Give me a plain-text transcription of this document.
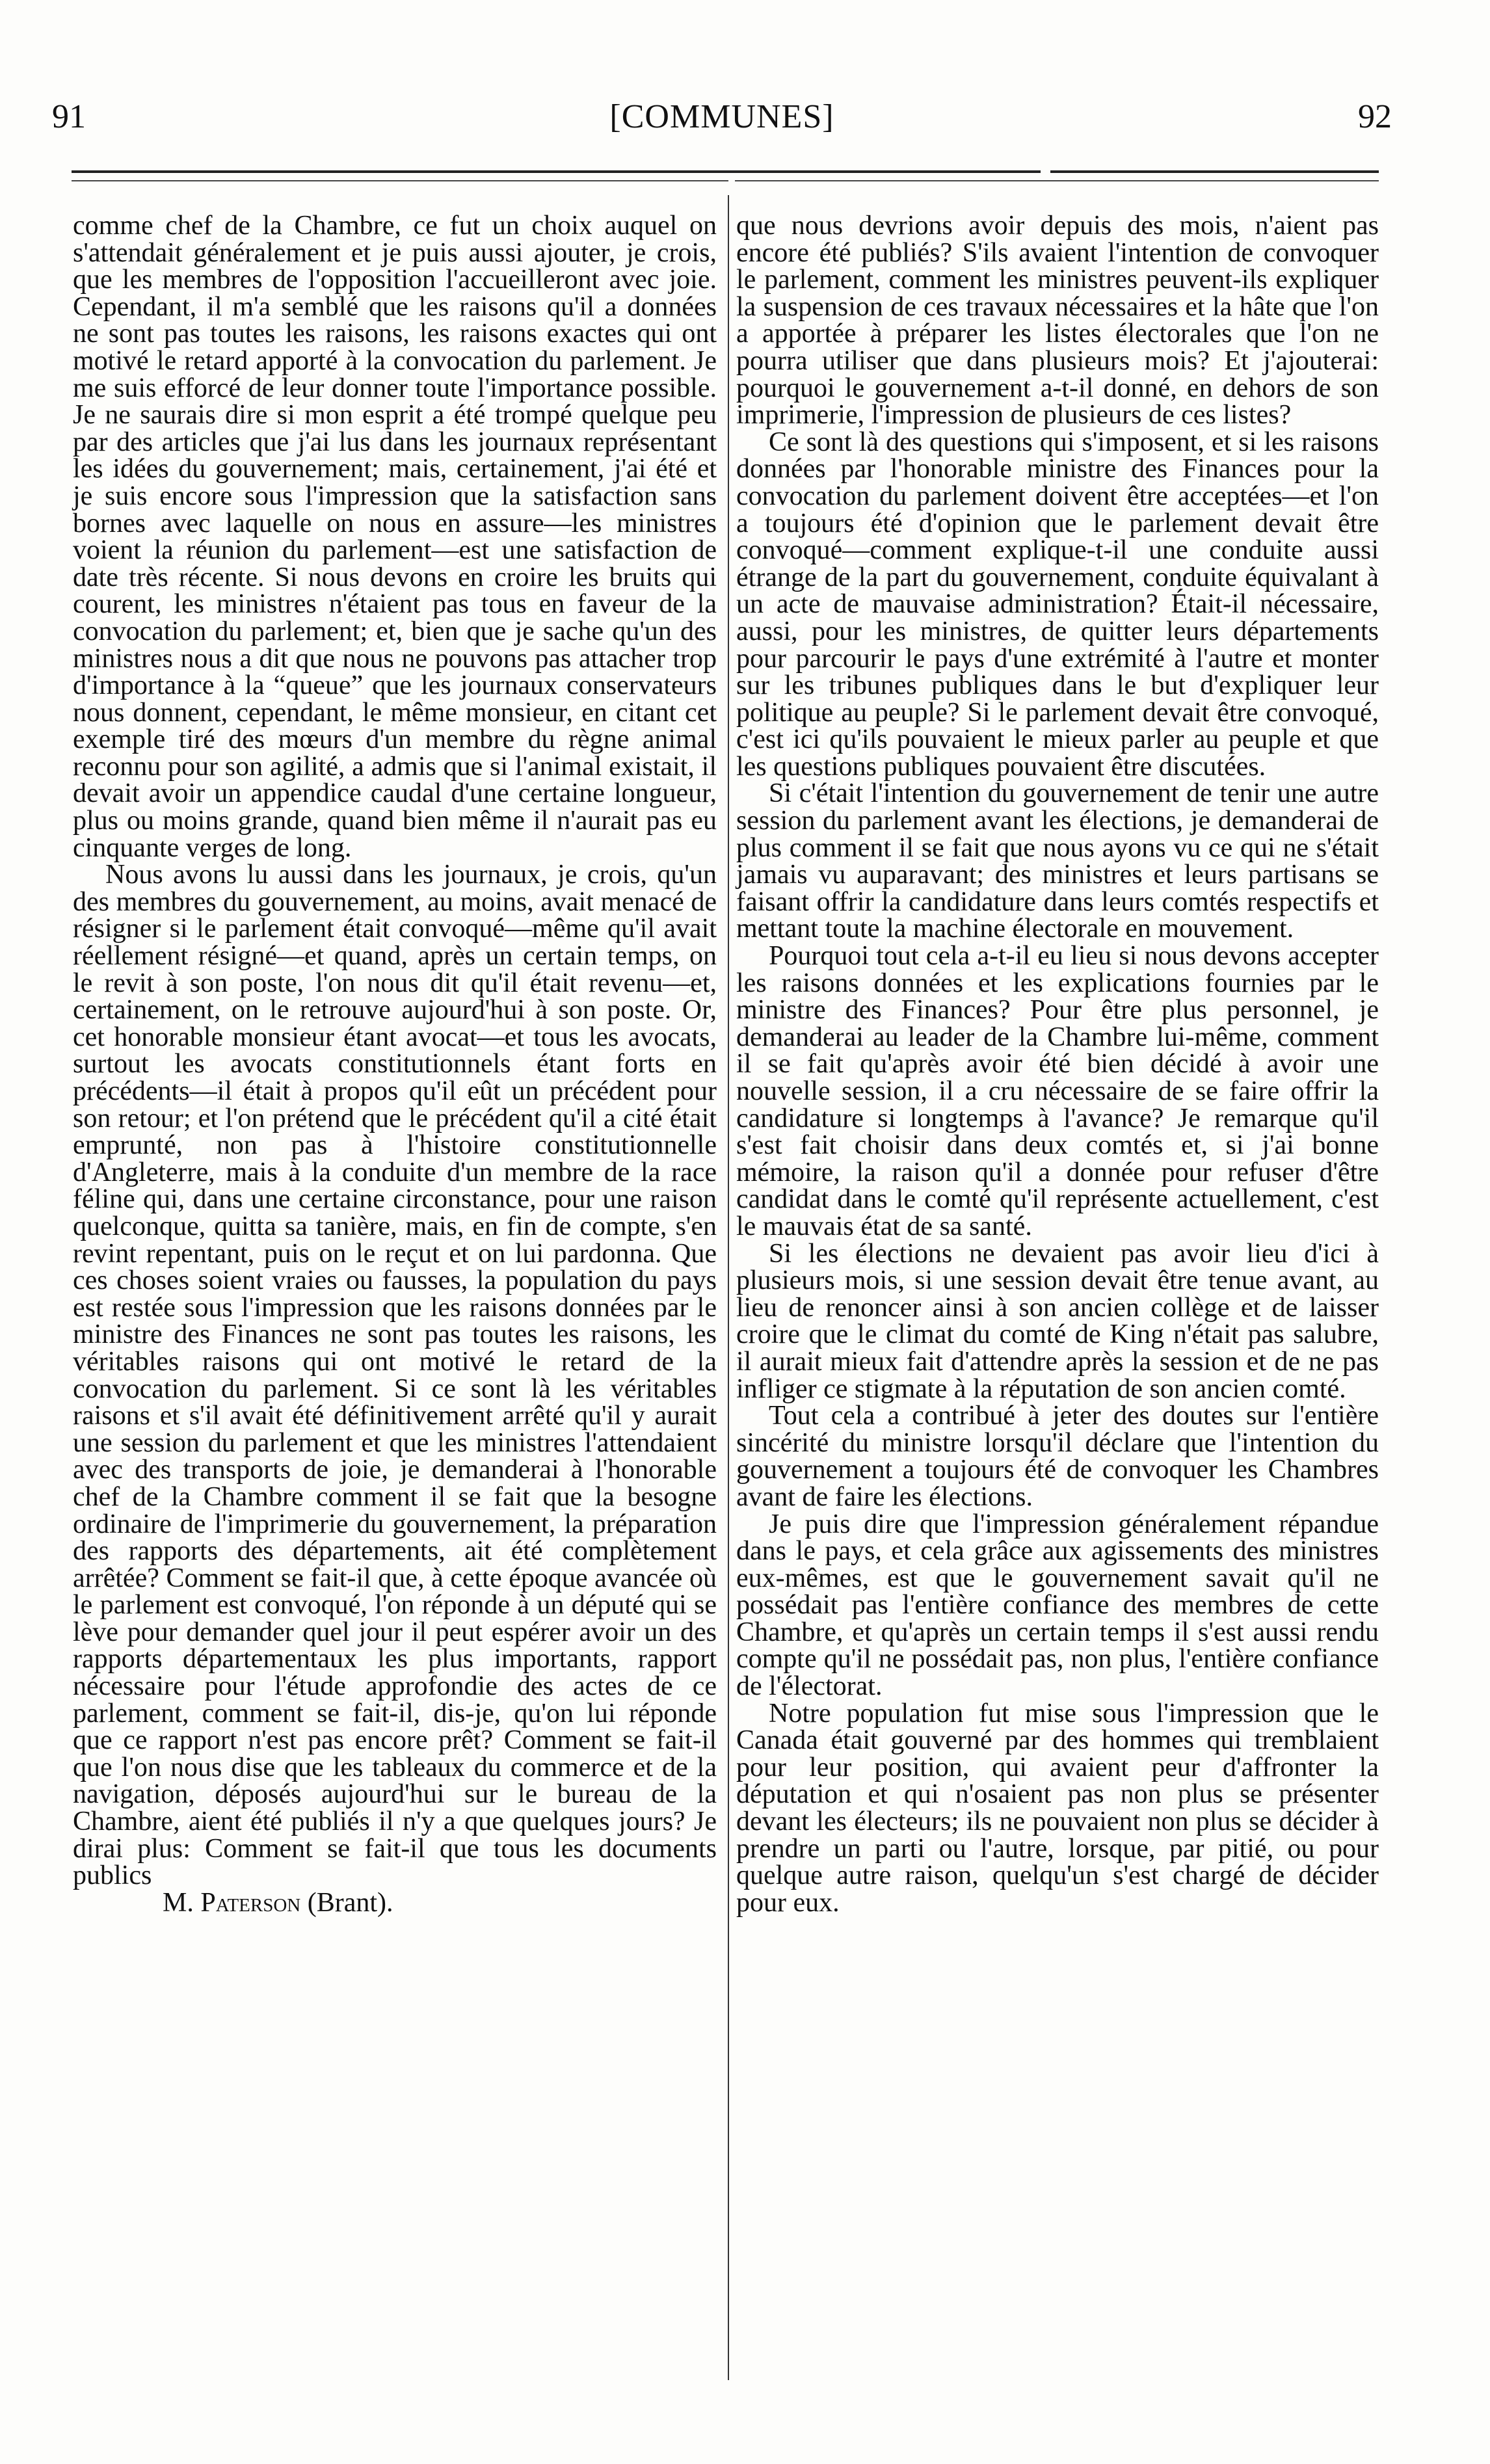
91	[COMMUNES]	92

comme chef de la Chambre, ce fut un choix auquel on s'attendait généralement et je puis aussi ajouter, je crois, que les membres de l'opposition l'accueilleront avec joie. Cependant, il m'a semblé que les raisons qu'il a données ne sont pas toutes les raisons, les raisons exactes qui ont motivé le retard apporté à la convocation du parlement. Je me suis efforcé de leur donner toute l'importance possible. Je ne saurais dire si mon esprit a été trompé quelque peu par des articles que j'ai lus dans les journaux représentant les idées du gouvernement; mais, certainement, j'ai été et je suis encore sous l'impression que la satisfaction sans bornes avec laquelle on nous en assure—les ministres voient la réunion du parlement—est une satisfaction de date très récente. Si nous devons en croire les bruits qui courent, les ministres n'étaient pas tous en faveur de la convocation du parlement; et, bien que je sache qu'un des ministres nous a dit que nous ne pouvons pas attacher trop d'importance à la “queue” que les journaux conservateurs nous donnent, cependant, le même monsieur, en citant cet exemple tiré des mœurs d'un membre du règne animal reconnu pour son agilité, a admis que si l'animal existait, il devait avoir un appendice caudal d'une certaine longueur, plus ou moins grande, quand bien même il n'aurait pas eu cinquante verges de long.

Nous avons lu aussi dans les journaux, je crois, qu'un des membres du gouvernement, au moins, avait menacé de résigner si le parlement était convoqué—même qu'il avait réellement résigné—et quand, après un certain temps, on le revit à son poste, l'on nous dit qu'il était revenu—et, certainement, on le retrouve aujourd'hui à son poste. Or, cet honorable monsieur étant avocat—et tous les avocats, surtout les avocats constitutionnels étant forts en précédents—il était à propos qu'il eût un précédent pour son retour; et l'on prétend que le précédent qu'il a cité était emprunté, non pas à l'histoire constitutionnelle d'Angleterre, mais à la conduite d'un membre de la race féline qui, dans une certaine circonstance, pour une raison quelconque, quitta sa tanière, mais, en fin de compte, s'en revint repentant, puis on le reçut et on lui pardonna. Que ces choses soient vraies ou fausses, la population du pays est restée sous l'impression que les raisons données par le ministre des Finances ne sont pas toutes les raisons, les véritables raisons qui ont motivé le retard de la convocation du parlement. Si ce sont là les véritables raisons et s'il avait été définitivement arrêté qu'il y aurait une session du parlement et que les ministres l'attendaient avec des transports de joie, je demanderai à l'honorable chef de la Chambre comment il se fait que la besogne ordinaire de l'imprimerie du gouvernement, la préparation des rapports des départements, ait été complètement arrêtée? Comment se fait-il que, à cette époque avancée où le parlement est convoqué, l'on réponde à un député qui se lève pour demander quel jour il peut espérer avoir un des rapports départementaux les plus importants, rapport nécessaire pour l'étude approfondie des actes de ce parlement, comment se fait-il, dis-je, qu'on lui réponde que ce rapport n'est pas encore prêt? Comment se fait-il que l'on nous dise que les tableaux du commerce et de la navigation, déposés aujourd'hui sur le bureau de la Chambre, aient été publiés il n'y a que quelques jours? Je dirai plus: Comment se fait-il que tous les documents publics

M. Paterson (Brant).

que nous devrions avoir depuis des mois, n'aient pas encore été publiés? S'ils avaient l'intention de convoquer le parlement, comment les ministres peuvent-ils expliquer la suspension de ces travaux nécessaires et la hâte que l'on a apportée à préparer les listes électorales que l'on ne pourra utiliser que dans plusieurs mois? Et j'ajouterai: pourquoi le gouvernement a-t-il donné, en dehors de son imprimerie, l'impression de plusieurs de ces listes?

Ce sont là des questions qui s'imposent, et si les raisons données par l'honorable ministre des Finances pour la convocation du parlement doivent être acceptées—et l'on a toujours été d'opinion que le parlement devait être convoqué—comment explique-t-il une conduite aussi étrange de la part du gouvernement, conduite équivalant à un acte de mauvaise administration? Était-il nécessaire, aussi, pour les ministres, de quitter leurs départements pour parcourir le pays d'une extrémité à l'autre et monter sur les tribunes publiques dans le but d'expliquer leur politique au peuple? Si le parlement devait être convoqué, c'est ici qu'ils pouvaient le mieux parler au peuple et que les questions publiques pouvaient être discutées.

Si c'était l'intention du gouvernement de tenir une autre session du parlement avant les élections, je demanderai de plus comment il se fait que nous ayons vu ce qui ne s'était jamais vu auparavant; des ministres et leurs partisans se faisant offrir la candidature dans leurs comtés respectifs et mettant toute la machine électorale en mouvement.

Pourquoi tout cela a-t-il eu lieu si nous devons accepter les raisons données et les explications fournies par le ministre des Finances? Pour être plus personnel, je demanderai au leader de la Chambre lui-même, comment il se fait qu'après avoir été bien décidé à avoir une nouvelle session, il a cru nécessaire de se faire offrir la candidature si longtemps à l'avance? Je remarque qu'il s'est fait choisir dans deux comtés et, si j'ai bonne mémoire, la raison qu'il a donnée pour refuser d'être candidat dans le comté qu'il représente actuellement, c'est le mauvais état de sa santé.

Si les élections ne devaient pas avoir lieu d'ici à plusieurs mois, si une session devait être tenue avant, au lieu de renoncer ainsi à son ancien collège et de laisser croire que le climat du comté de King n'était pas salubre, il aurait mieux fait d'attendre après la session et de ne pas infliger ce stigmate à la réputation de son ancien comté.

Tout cela a contribué à jeter des doutes sur l'entière sincérité du ministre lorsqu'il déclare que l'intention du gouvernement a toujours été de convoquer les Chambres avant de faire les élections.

Je puis dire que l'impression généralement répandue dans le pays, et cela grâce aux agissements des ministres eux-mêmes, est que le gouvernement savait qu'il ne possédait pas l'entière confiance des membres de cette Chambre, et qu'après un certain temps il s'est aussi rendu compte qu'il ne possédait pas, non plus, l'entière confiance de l'électorat.

Notre population fut mise sous l'impression que le Canada était gouverné par des hommes qui tremblaient pour leur position, qui avaient peur d'affronter la députation et qui n'osaient pas non plus se présenter devant les électeurs; ils ne pouvaient non plus se décider à prendre un parti ou l'autre, lorsque, par pitié, ou pour quelque autre raison, quelqu'un s'est chargé de décider pour eux.
